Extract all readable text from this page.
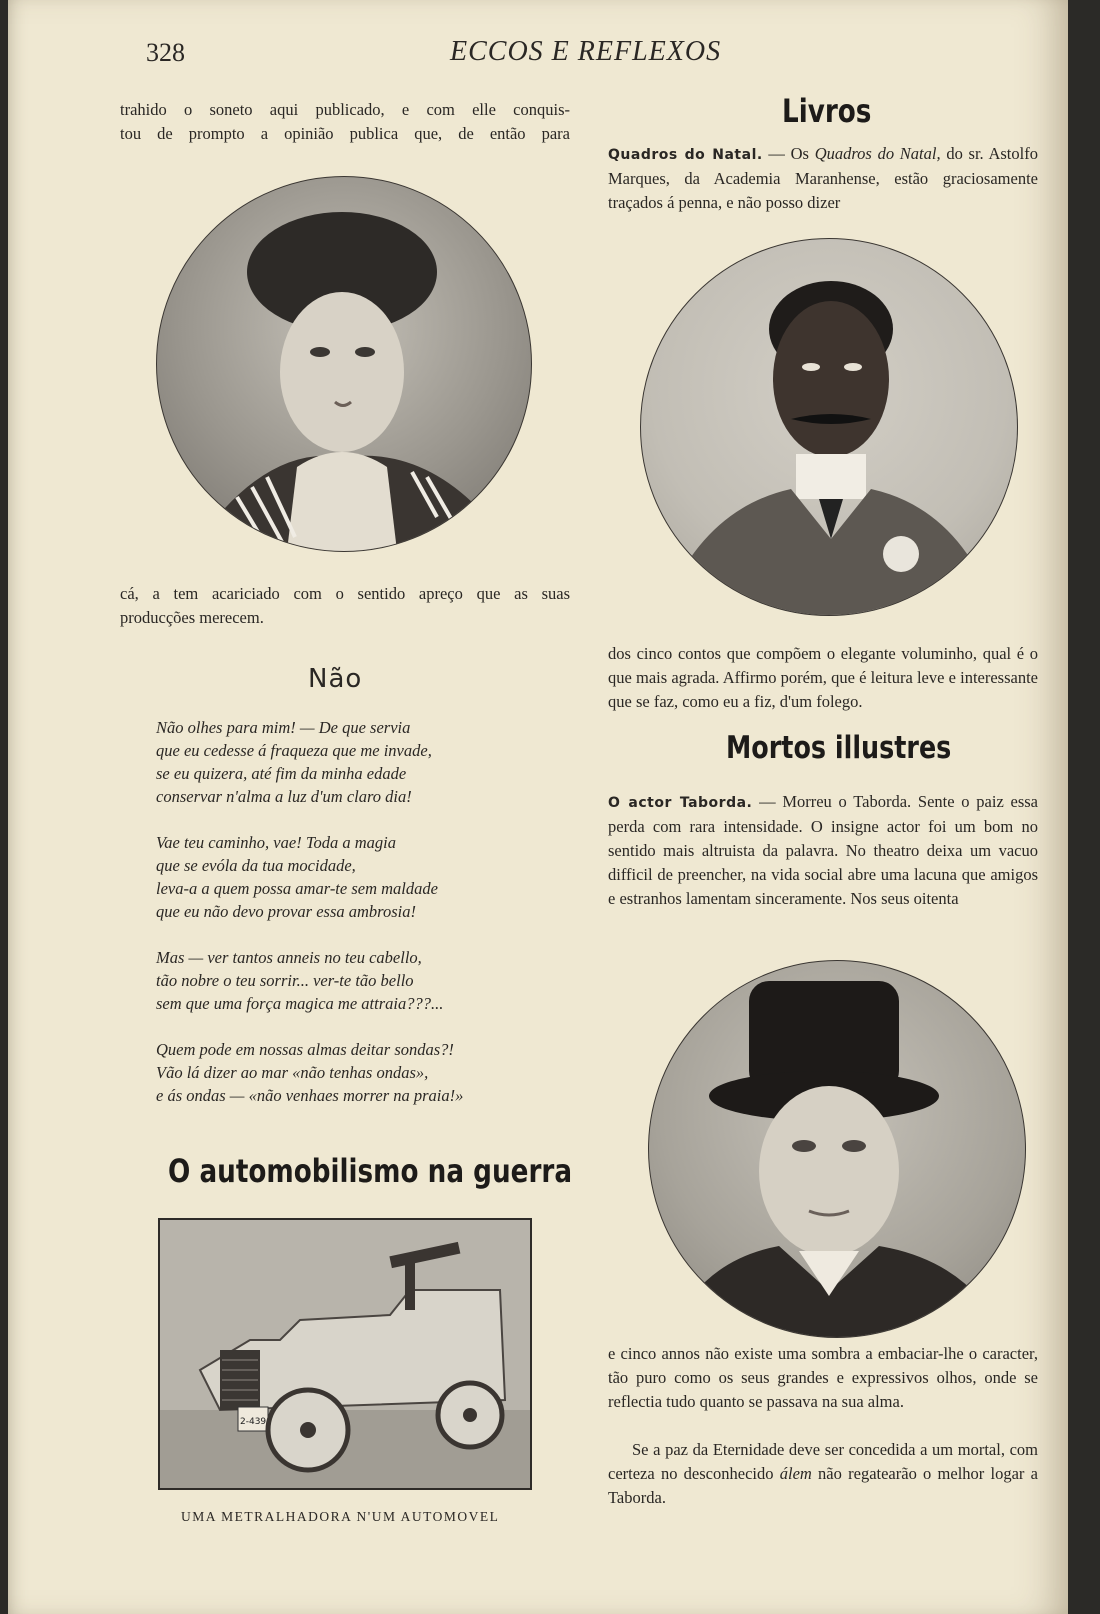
328	ECCOS E REFLEXOS
trahido o soneto aqui publicado, e com elle conquis-
tou de prompto a opinião publica que, de então para
cá, a tem acariciado com o sentido apreço que as suas
producções merecem.
Não
Não olhes para mim! — De que servia
que eu cedesse á fraqueza que me invade,
se eu quizera, até fim da minha edade
conservar n'alma a luz d'um claro dia!
Vae teu caminho, vae! Toda a magia
que se evóla da tua mocidade,
leva-a a quem possa amar-te sem maldade
que eu não devo provar essa ambrosia!
Mas — ver tantos anneis no teu cabello,
tão nobre o teu sorrir... ver-te tão bello
sem que uma força magica me attraia???...
Quem pode em nossas almas deitar sondas?!
Vão lá dizer ao mar «não tenhas ondas»,
e ás ondas — «não venhaes morrer na praia!»
O automobilismo na guerra
2-439
UMA METRALHADORA N'UM AUTOMOVEL
Livros
Quadros do Natal. — Os Quadros do Natal, do sr. Astolfo Marques, da Academia Maranhense, estão graciosamente traçados á penna, e não posso dizer
dos cinco contos que compõem o elegante voluminho, qual é o que mais agrada. Affirmo porém, que é leitura leve e interessante que se faz, como eu a fiz, d'um folego.
Mortos illustres
O actor Taborda. — Morreu o Taborda. Sente o paiz essa perda com rara intensidade. O insigne actor foi um bom no sentido mais altruista da palavra. No theatro deixa um vacuo difficil de preencher, na vida social abre uma lacuna que amigos e estranhos lamentam sinceramente. Nos seus oitenta
e cinco annos não existe uma sombra a embaciar-lhe o caracter, tão puro como os seus grandes e expressivos olhos, onde se reflectia tudo quanto se passava na sua alma.
Se a paz da Eternidade deve ser concedida a um mortal, com certeza no desconhecido álem não regatearão o melhor logar a Taborda.
